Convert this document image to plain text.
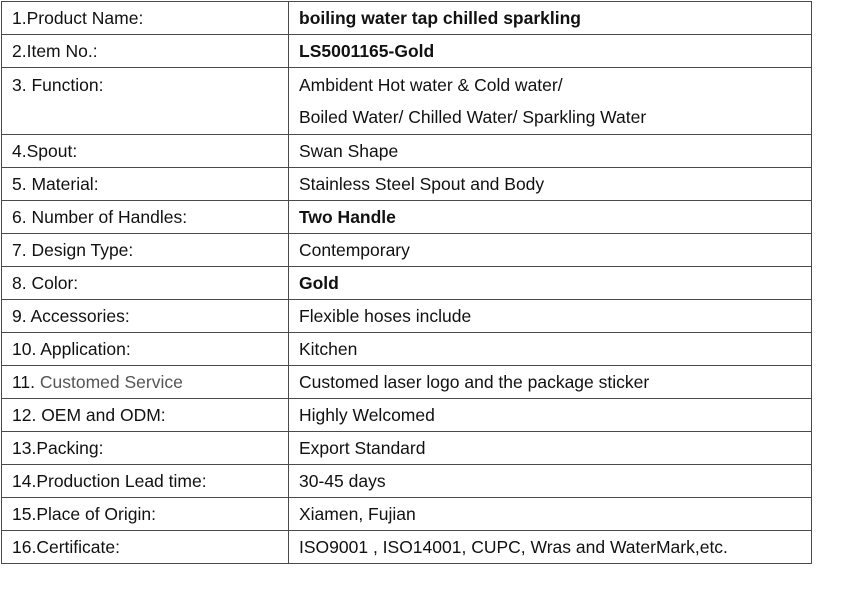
1.Product Name:	boiling water tap chilled sparkling
2.Item No.:	LS5001165-Gold
3. Function:	Ambident Hot water & Cold water/
Boiled Water/ Chilled Water/ Sparkling Water

4.Spout:	Swan Shape
5. Material:	Stainless Steel Spout and Body
6. Number of Handles:	Two Handle
7. Design Type:	Contemporary
8. Color:	Gold
9. Accessories:	Flexible hoses include
10. Application:	Kitchen
11. Customed Service	Customed laser logo and the package sticker
12. OEM and ODM:	Highly Welcomed
13.Packing:	Export Standard
14.Production Lead time:	30-45 days
15.Place of Origin:	Xiamen, Fujian
16.Certificate:	ISO9001 , ISO14001, CUPC, Wras and WaterMark,etc.
